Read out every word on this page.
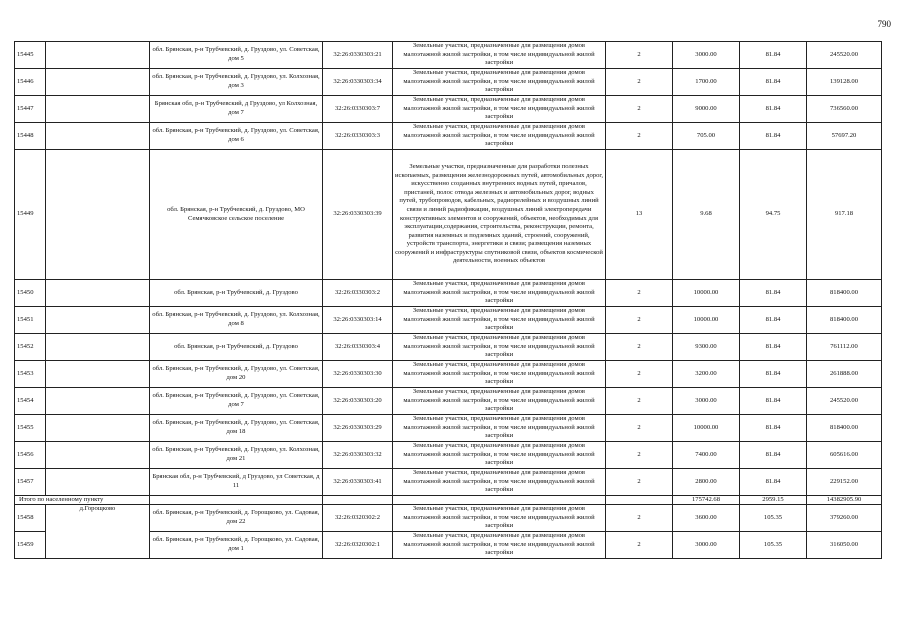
790
15445		обл. Брянская, р-н Трубчевский, д. Груздово, ул. Советская, дом 5	32:26:0330303:21	Земельные участки, предназначенные для размещения домов малоэтажной жилой застройки, в том числе индивидуальной жилой застройки	2	3000.00	81.84	245520.00
15446		обл. Брянская, р-н Трубчевский, д. Груздово, ул. Колхозная, дом 3	32:26:0330303:34	Земельные участки, предназначенные для размещения домов малоэтажной жилой застройки, в том числе индивидуальной жилой застройки	2	1700.00	81.84	139128.00
15447		Брянская обл, р-н Трубчевский, д Груздово, ул Колхозная, дом 7	32:26:0330303:7	Земельные участки, предназначенные для размещения домов малоэтажной жилой застройки, в том числе индивидуальной жилой застройки	2	9000.00	81.84	736560.00
15448		обл. Брянская, р-н Трубчевский, д. Груздово, ул. Советская, дом 6	32:26:0330303:3	Земельные участки, предназначенные для размещения домов малоэтажной жилой застройки, в том числе индивидуальной жилой застройки	2	705.00	81.84	57697.20
15449		обл. Брянская, р-н Трубчевский, д. Груздово, МО Семячковское сельское поселение	32:26:0330303:39	Земельные участки, предназначенные для разработки полезных ископаемых, размещения железнодорожных путей, автомобильных дорог, искусственно созданных внутренних водных путей, причалов, пристаней, полос отвода железных и автомобильных дорог, водных путей, трубопроводов, кабельных, радиорелейных и воздушных линий связи и линий радиофикации, воздушных линий электропередачи конструктивных элементов и сооружений, объектов, необходимых для эксплуатации,содержания, строительства, реконструкции, ремонта, развития наземных и подземных зданий, строений, сооружений, устройств транспорта, энергетики и связи; размещения наземных сооружений и инфраструктуры спутниковой связи, объектов космической деятельности, военных объектов	13	9.68	94.75	917.18
15450		обл. Брянская, р-н Трубчевский, д. Груздово	32:26:0330303:2	Земельные участки, предназначенные для размещения домов малоэтажной жилой застройки, в том числе индивидуальной жилой застройки	2	10000.00	81.84	818400.00
15451		обл. Брянская, р-н Трубчевский, д. Груздово, ул. Колхозная, дом 8	32:26:0330303:14	Земельные участки, предназначенные для размещения домов малоэтажной жилой застройки, в том числе индивидуальной жилой застройки	2	10000.00	81.84	818400.00
15452		обл. Брянская, р-н Трубчевский, д. Груздово	32:26:0330303:4	Земельные участки, предназначенные для размещения домов малоэтажной жилой застройки, в том числе индивидуальной жилой застройки	2	9300.00	81.84	761112.00
15453		обл. Брянская, р-н Трубчевский, д. Груздово, ул. Советская, дом 20	32:26:0330303:30	Земельные участки, предназначенные для размещения домов малоэтажной жилой застройки, в том числе индивидуальной жилой застройки	2	3200.00	81.84	261888.00
15454		обл. Брянская, р-н Трубчевский, д. Груздово, ул. Советская, дом 7	32:26:0330303:20	Земельные участки, предназначенные для размещения домов малоэтажной жилой застройки, в том числе индивидуальной жилой застройки	2	3000.00	81.84	245520.00
15455		обл. Брянская, р-н Трубчевский, д. Груздово, ул. Советская, дом 18	32:26:0330303:29	Земельные участки, предназначенные для размещения домов малоэтажной жилой застройки, в том числе индивидуальной жилой застройки	2	10000.00	81.84	818400.00
15456		обл. Брянская, р-н Трубчевский, д. Груздово, ул. Колхозная, дом 21	32:26:0330303:32	Земельные участки, предназначенные для размещения домов малоэтажной жилой застройки, в том числе индивидуальной жилой застройки	2	7400.00	81.84	605616.00
15457		Брянская обл, р-н Трубчевский, д Груздово, ул Советская, д 11	32:26:0330303:41	Земельные участки, предназначенные для размещения домов малоэтажной жилой застройки, в том числе индивидуальной жилой застройки	2	2800.00	81.84	229152.00
Итого по населенному пункту						175742.68	2959.15	14382905.90
15458	д.Горощково	обл. Брянская, р-н Трубчевский, д. Горощково, ул. Садовая, дом 22	32:26:0320302:2	Земельные участки, предназначенные для размещения домов малоэтажной жилой застройки, в том числе индивидуальной жилой застройки	2	3600.00	105.35	379260.00
15459		обл. Брянская, р-н Трубчевский, д. Горощково, ул. Садовая, дом 1	32:26:0320302:1	Земельные участки, предназначенные для размещения домов малоэтажной жилой застройки, в том числе индивидуальной жилой застройки	2	3000.00	105.35	316050.00
